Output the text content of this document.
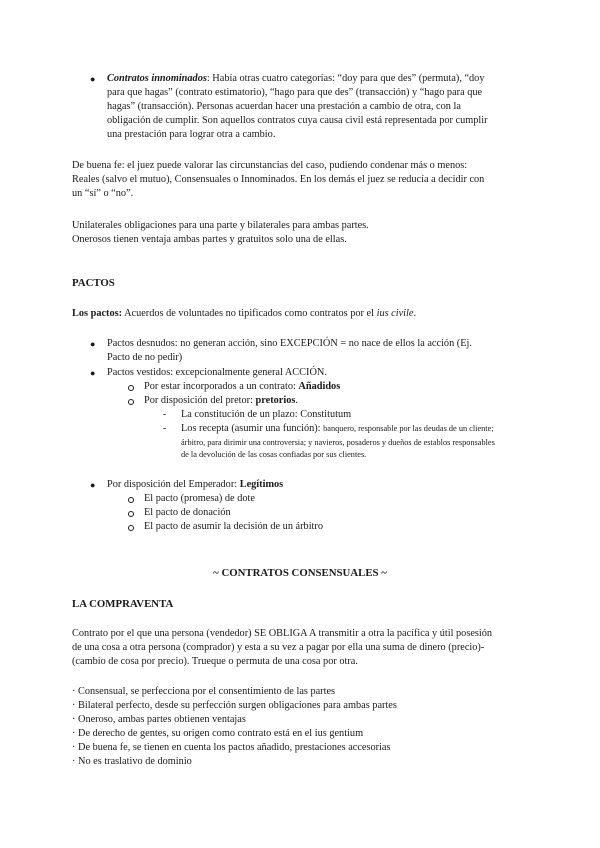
● Contratos innominados: Había otras cuatro categorías: “doy para que des” (permuta), “doy
para que hagas” (contrato estimatorio), “hago para que des” (transacción) y “hago para que
hagas” (transacción). Personas acuerdan hacer una prestación a cambio de otra, con la
obligación de cumplir. Son aquellos contratos cuya causa civil está representada por cumplir
una prestación para lograr otra a cambio.
De buena fe: el juez puede valorar las circunstancias del caso, pudiendo condenar más o menos:
Reales (salvo el mutuo), Consensuales o Innominados. En los demás el juez se reducía a decidir con
un “sí” o “no”.
Unilaterales obligaciones para una parte y bilaterales para ambas partes.
Onerosos tienen ventaja ambas partes y gratuitos solo una de ellas.
PACTOS
Los pactos: Acuerdos de voluntades no tipificados como contratos por el ius civile.
● Pactos desnudos: no generan acción, sino EXCEPCIÓN = no nace de ellos la acción (Ej.
Pacto de no pedir)
● Pactos vestidos: excepcionalmente general ACCIÓN.
Por estar incorporados a un contrato: Añadidos
Por disposición del pretor: pretorios.
- La constitución de un plazo: Constitutum
- Los recepta (asumir una función): banquero, responsable por las deudas de un cliente;
árbitro, para dirimir una controversia; y navieros, posaderos y dueños de establos responsables
de la devolución de las cosas confiadas por sus clientes.
● Por disposición del Emperador: Legítimos
El pacto (promesa) de dote
El pacto de donación
El pacto de asumir la decisión de un árbitro
~ CONTRATOS CONSENSUALES ~
LA COMPRAVENTA
Contrato por el que una persona (vendedor) SE OBLIGA A transmitir a otra la pacífica y útil posesión
de una cosa a otra persona (comprador) y esta a su vez a pagar por ella una suma de dinero (precio)-
(cambio de cosa por precio). Trueque o permuta de una cosa por otra.
· Consensual, se perfecciona por el consentimiento de las partes
· Bilateral perfecto, desde su perfección surgen obligaciones para ambas partes
· Oneroso, ambas partes obtienen ventajas
· De derecho de gentes, su origen como contrato está en el ius gentium
· De buena fe, se tienen en cuenta los pactos añadido, prestaciones accesorias
· No es traslativo de dominio
